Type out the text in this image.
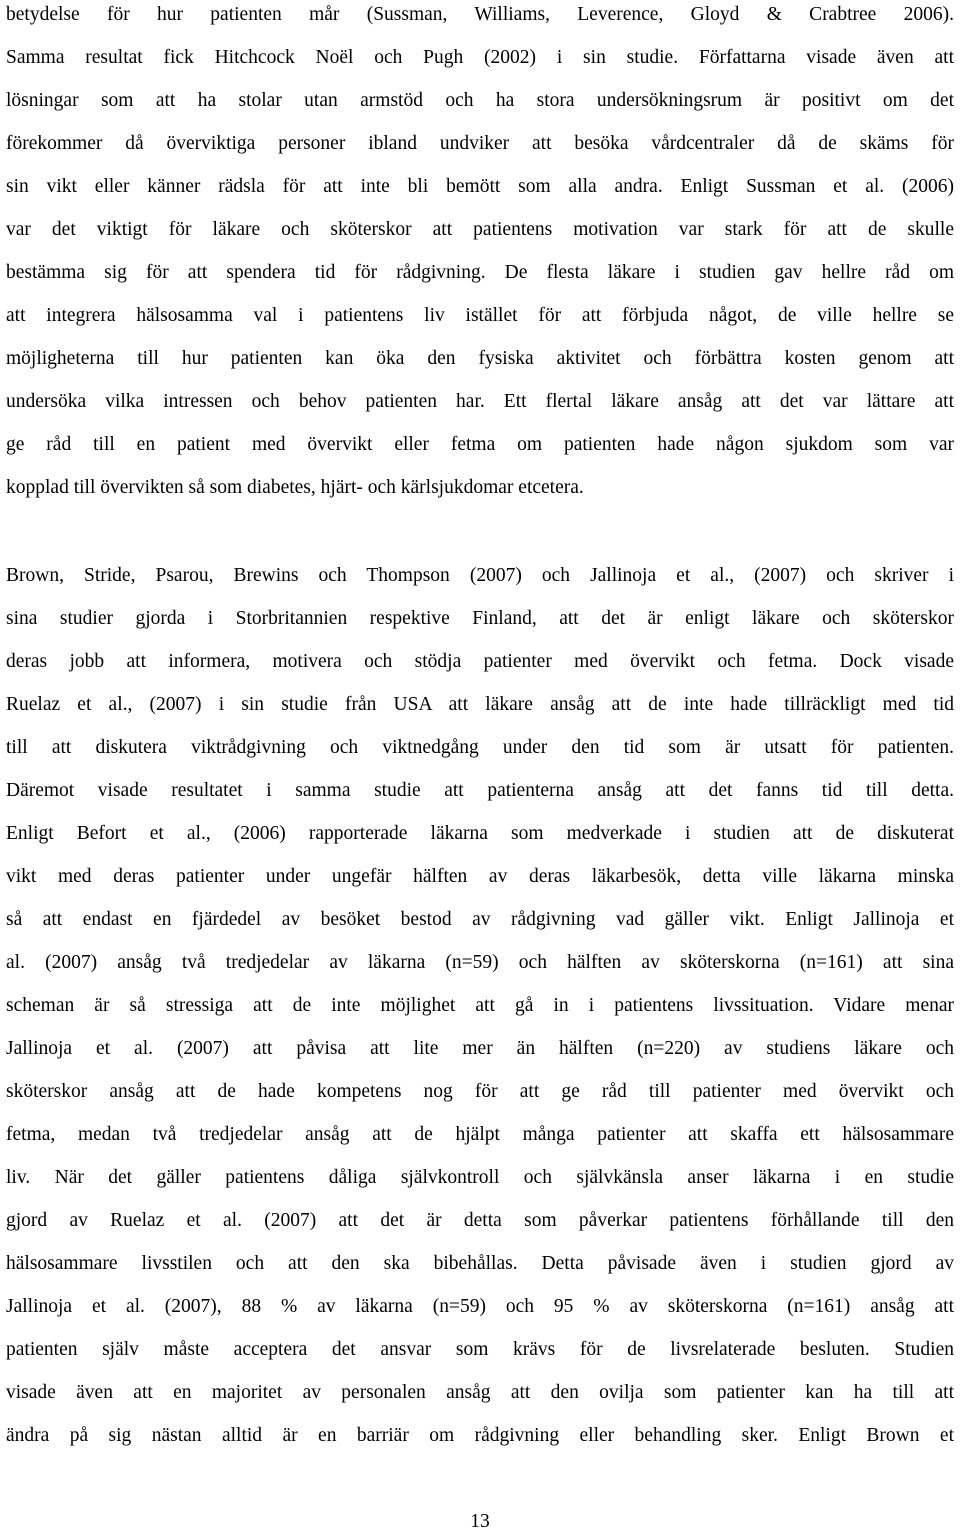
betydelse för hur patienten mår (Sussman, Williams, Leverence, Gloyd & Crabtree 2006).
Samma resultat fick Hitchcock Noël och Pugh (2002) i sin studie. Författarna visade även att
lösningar som att ha stolar utan armstöd och ha stora undersökningsrum är positivt om det
förekommer då överviktiga personer ibland undviker att besöka vårdcentraler då de skäms för
sin vikt eller känner rädsla för att inte bli bemött som alla andra. Enligt Sussman et al. (2006)
var det viktigt för läkare och sköterskor att patientens motivation var stark för att de skulle
bestämma sig för att spendera tid för rådgivning. De flesta läkare i studien gav hellre råd om
att integrera hälsosamma val i patientens liv istället för att förbjuda något, de ville hellre se
möjligheterna till hur patienten kan öka den fysiska aktivitet och förbättra kosten genom att
undersöka vilka intressen och behov patienten har. Ett flertal läkare ansåg att det var lättare att
ge råd till en patient med övervikt eller fetma om patienten hade någon sjukdom som var
kopplad till övervikten så som diabetes, hjärt- och kärlsjukdomar etcetera.
Brown, Stride, Psarou, Brewins och Thompson (2007) och Jallinoja et al., (2007) och skriver i
sina studier gjorda i Storbritannien respektive Finland, att det är enligt läkare och sköterskor
deras jobb att informera, motivera och stödja patienter med övervikt och fetma. Dock visade
Ruelaz et al., (2007) i sin studie från USA att läkare ansåg att de inte hade tillräckligt med tid
till att diskutera viktrådgivning och viktnedgång under den tid som är utsatt för patienten.
Däremot visade resultatet i samma studie att patienterna ansåg att det fanns tid till detta.
Enligt Befort et al., (2006) rapporterade läkarna som medverkade i studien att de diskuterat
vikt med deras patienter under ungefär hälften av deras läkarbesök, detta ville läkarna minska
så att endast en fjärdedel av besöket bestod av rådgivning vad gäller vikt. Enligt Jallinoja et
al. (2007) ansåg två tredjedelar av läkarna (n=59) och hälften av sköterskorna (n=161) att sina
scheman är så stressiga att de inte möjlighet att gå in i patientens livssituation. Vidare menar
Jallinoja et al. (2007) att påvisa att lite mer än hälften (n=220) av studiens läkare och
sköterskor ansåg att de hade kompetens nog för att ge råd till patienter med övervikt och
fetma, medan två tredjedelar ansåg att de hjälpt många patienter att skaffa ett hälsosammare
liv. När det gäller patientens dåliga självkontroll och självkänsla anser läkarna i en studie
gjord av Ruelaz et al. (2007) att det är detta som påverkar patientens förhållande till den
hälsosammare livsstilen och att den ska bibehållas. Detta påvisade även i studien gjord av
Jallinoja et al. (2007), 88 % av läkarna (n=59) och 95 % av sköterskorna (n=161) ansåg att
patienten själv måste acceptera det ansvar som krävs för de livsrelaterade besluten. Studien
visade även att en majoritet av personalen ansåg att den ovilja som patienter kan ha till att
ändra på sig nästan alltid är en barriär om rådgivning eller behandling sker. Enligt Brown et
13
